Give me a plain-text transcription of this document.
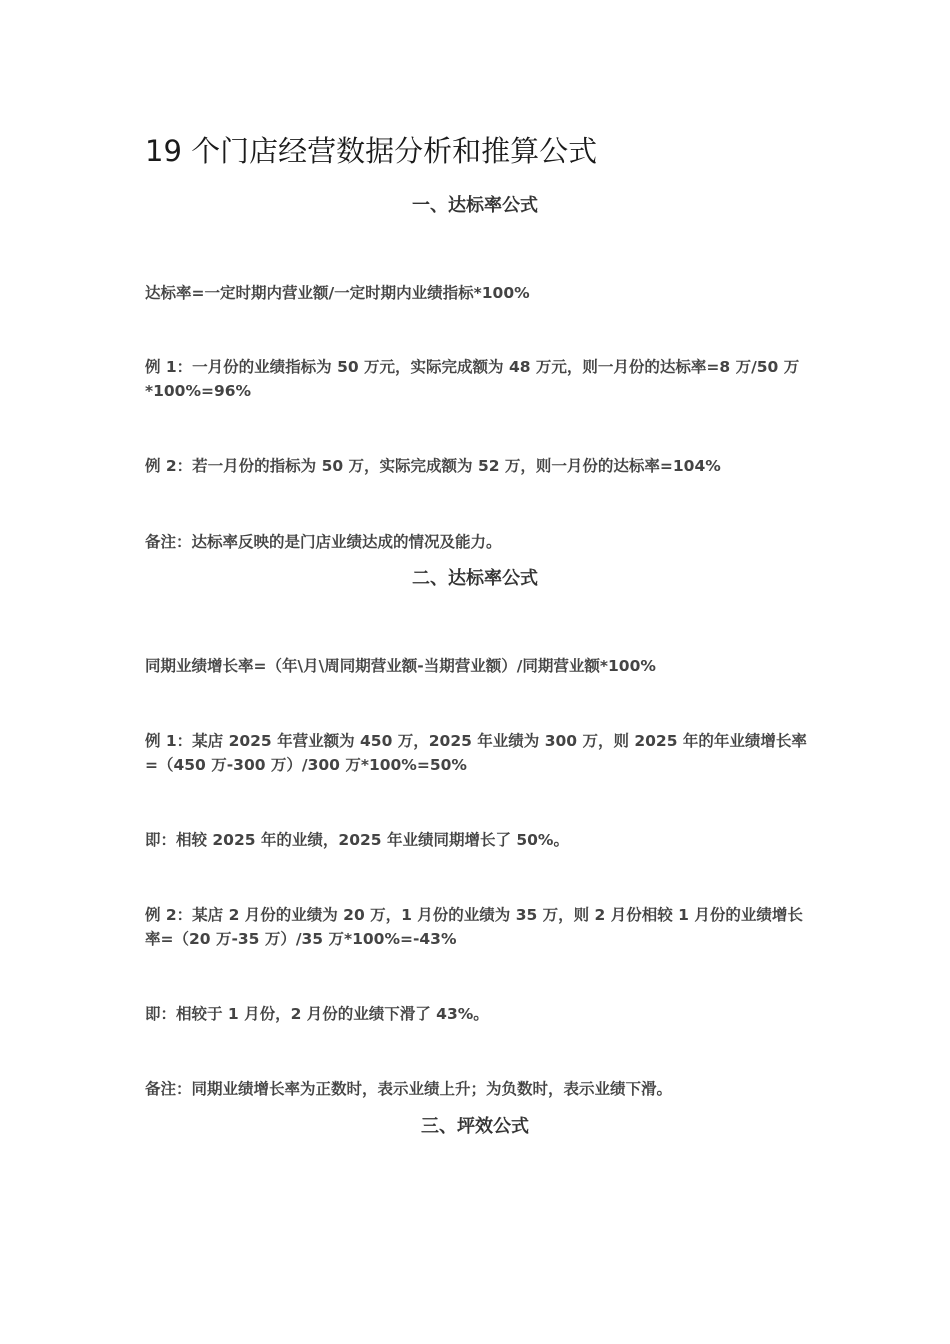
19 个门店经营数据分析和推算公式
一、达标率公式
达标率=一定时期内营业额/一定时期内业绩指标*100%
例 1：一月份的业绩指标为 50 万元，实际完成额为 48 万元，则一月份的达标率=8 万/50 万*100%=96%
例 2：若一月份的指标为 50 万，实际完成额为 52 万，则一月份的达标率=104%
备注：达标率反映的是门店业绩达成的情况及能力。
二、达标率公式
同期业绩增长率=（年\月\周同期营业额-当期营业额）/同期营业额*100%
例 1：某店 2025 年营业额为 450 万，2025 年业绩为 300 万，则 2025 年的年业绩增长率=（450 万-300 万）/300 万*100%=50%
即：相较 2025 年的业绩，2025 年业绩同期增长了 50%。
例 2：某店 2 月份的业绩为 20 万，1 月份的业绩为 35 万，则 2 月份相较 1 月份的业绩增长率=（20 万-35 万）/35 万*100%=-43%
即：相较于 1 月份，2 月份的业绩下滑了 43%。
备注：同期业绩增长率为正数时，表示业绩上升；为负数时，表示业绩下滑。
三、坪效公式
